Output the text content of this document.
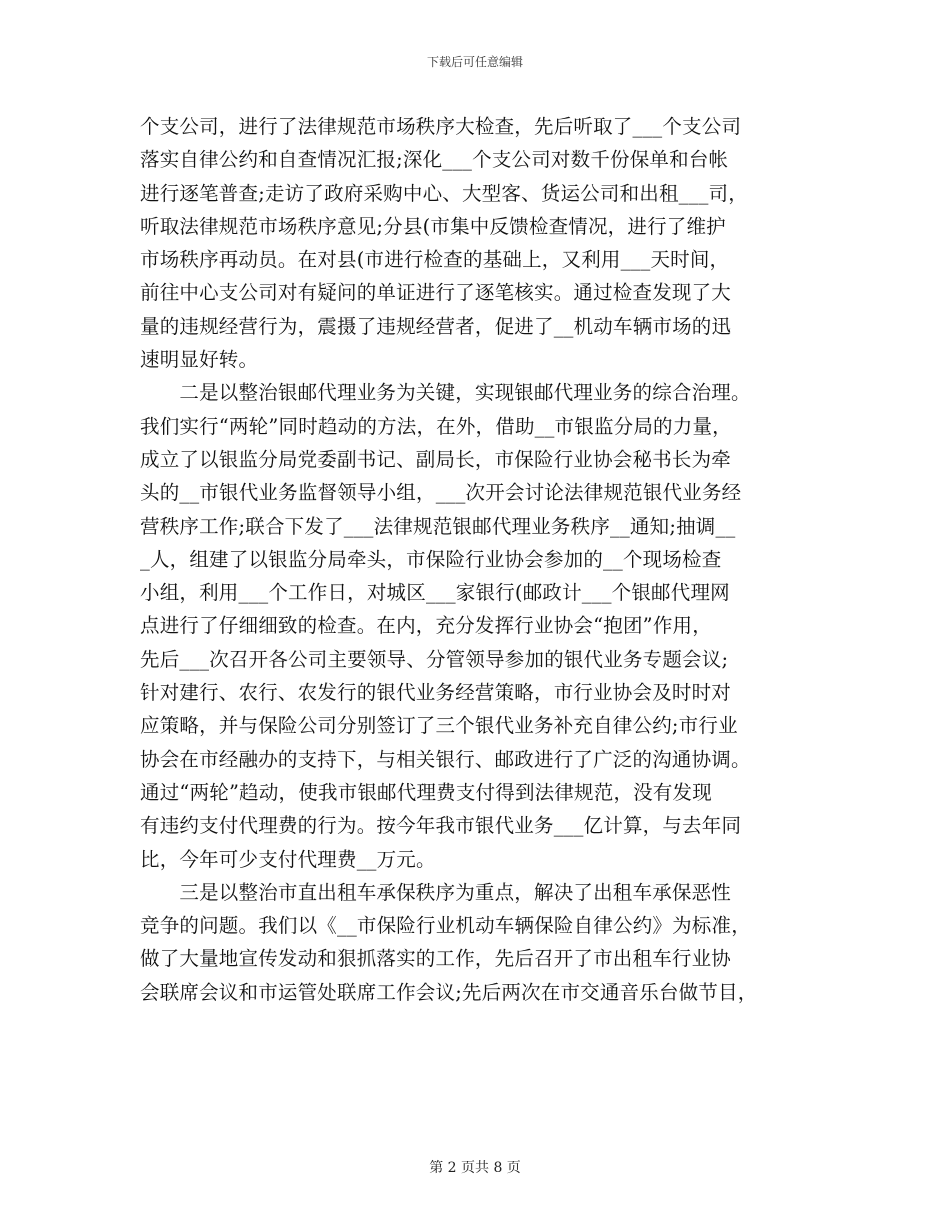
下载后可任意编辑
个支公司，进行了法律规范市场秩序大检查，先后听取了___个支公司
落实自律公约和自查情况汇报;深化___个支公司对数千份保单和台帐
进行逐笔普查;走访了政府采购中心、大型客、货运公司和出租___司，
听取法律规范市场秩序意见;分县(市集中反馈检查情况，进行了维护
市场秩序再动员。在对县(市进行检查的基础上，又利用___天时间，
前往中心支公司对有疑问的单证进行了逐笔核实。通过检查发现了大
量的违规经营行为，震摄了违规经营者，促进了__机动车辆市场的迅
速明显好转。
　　二是以整治银邮代理业务为关键，实现银邮代理业务的综合治理。
我们实行“两轮”同时趋动的方法，在外，借助__市银监分局的力量，
成立了以银监分局党委副书记、副局长，市保险行业协会秘书长为牵
头的__市银代业务监督领导小组，___次开会讨论法律规范银代业务经
营秩序工作;联合下发了___法律规范银邮代理业务秩序__通知;抽调__
_人，组建了以银监分局牵头，市保险行业协会参加的__个现场检查
小组，利用___个工作日，对城区___家银行(邮政计___个银邮代理网
点进行了仔细细致的检查。在内，充分发挥行业协会“抱团”作用，
先后___次召开各公司主要领导、分管领导参加的银代业务专题会议;
针对建行、农行、农发行的银代业务经营策略，市行业协会及时时对
应策略，并与保险公司分别签订了三个银代业务补充自律公约;市行业
协会在市经融办的支持下，与相关银行、邮政进行了广泛的沟通协调。
通过“两轮”趋动，使我市银邮代理费支付得到法律规范，没有发现
有违约支付代理费的行为。按今年我市银代业务___亿计算，与去年同
比，今年可少支付代理费__万元。
　　三是以整治市直出租车承保秩序为重点，解决了出租车承保恶性
竞争的问题。我们以《__市保险行业机动车辆保险自律公约》为标准，
做了大量地宣传发动和狠抓落实的工作，先后召开了市出租车行业协
会联席会议和市运管处联席工作会议;先后两次在市交通音乐台做节目，
第 2 页共 8 页
